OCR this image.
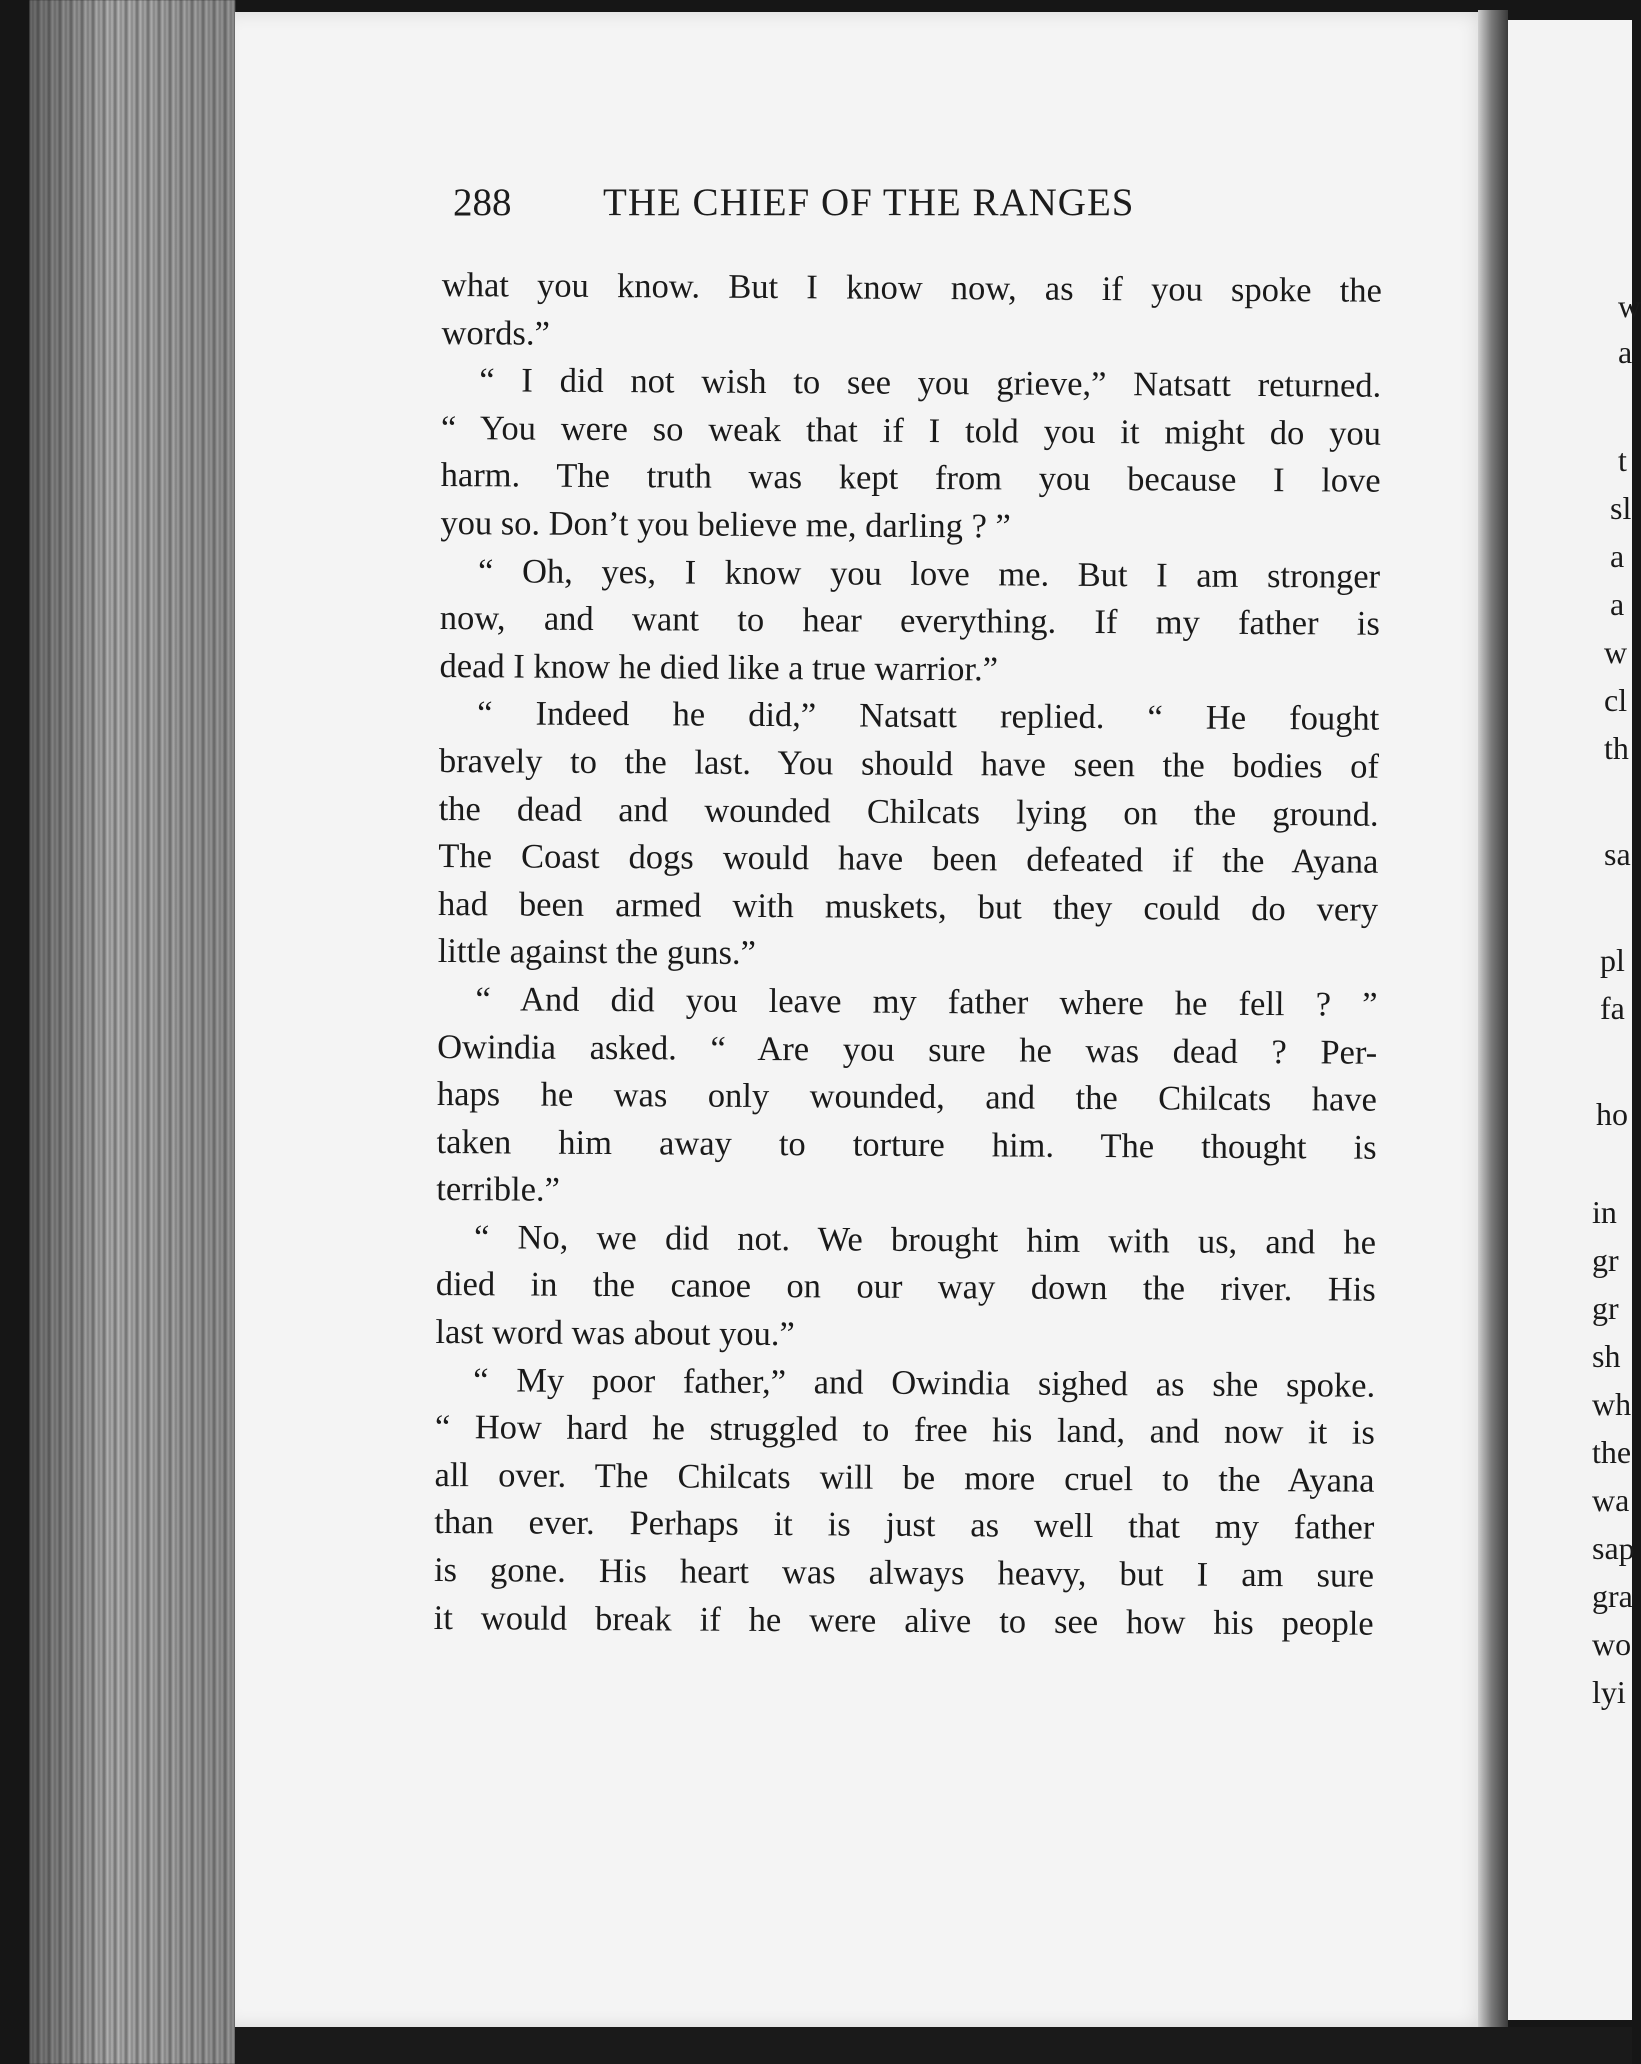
288 THE CHIEF OF THE RANGES
what you know. But I know now, as if you spoke the
words.”
“ I did not wish to see you grieve,” Natsatt returned.
“ You were so weak that if I told you it might do you
harm. The truth was kept from you because I love
you so. Don’t you believe me, darling ? ”
“ Oh, yes, I know you love me. But I am stronger
now, and want to hear everything. If my father is
dead I know he died like a true warrior.”
“ Indeed he did,” Natsatt replied. “ He fought
bravely to the last. You should have seen the bodies of
the dead and wounded Chilcats lying on the ground.
The Coast dogs would have been defeated if the Ayana
had been armed with muskets, but they could do very
little against the guns.”
“ And did you leave my father where he fell ? ”
Owindia asked. “ Are you sure he was dead ? Per-
haps he was only wounded, and the Chilcats have
taken him away to torture him. The thought is
terrible.”
“ No, we did not. We brought him with us, and he
died in the canoe on our way down the river. His
last word was about you.”
“ My poor father,” and Owindia sighed as she spoke.
“ How hard he struggled to free his land, and now it is
all over. The Chilcats will be more cruel to the Ayana
than ever. Perhaps it is just as well that my father
is gone. His heart was always heavy, but I am sure
it would break if he were alive to see how his people
w
a
t
sl
a
a
w
cl
th
sa
pl
fa
ho
in
gr
gr
sh
wh
the
wa
sap
gra
wo
lyi
